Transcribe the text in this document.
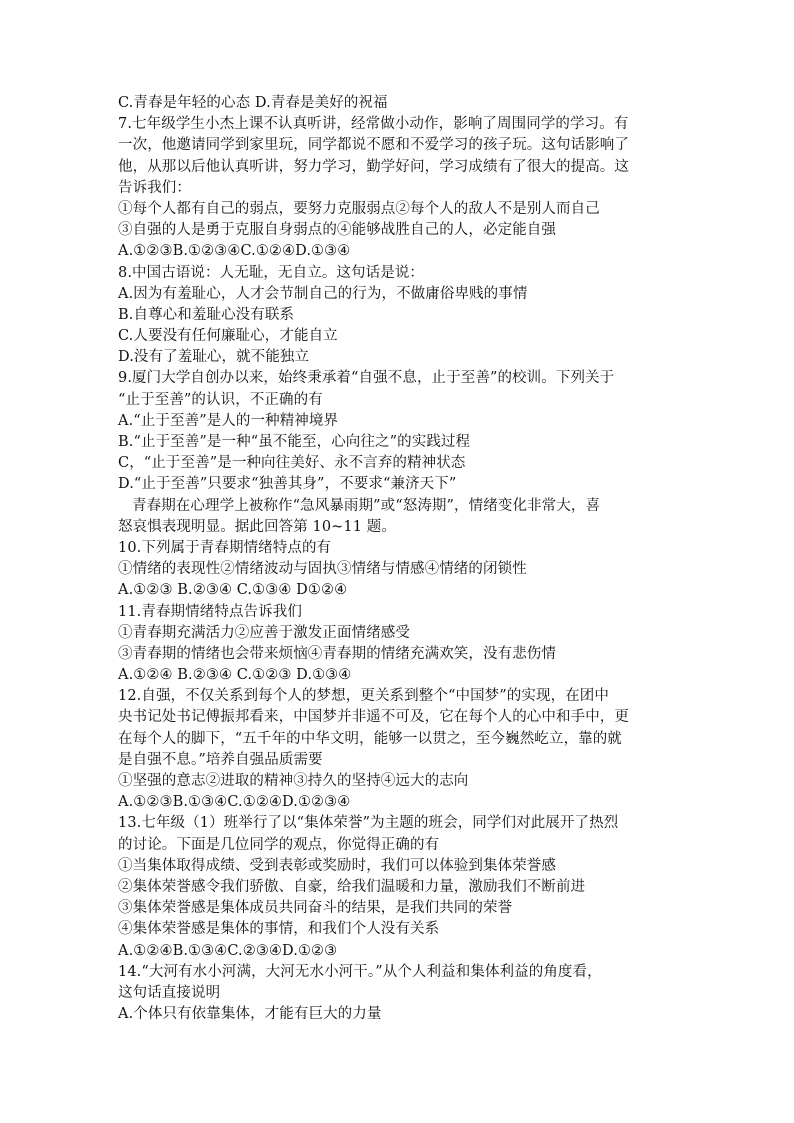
C.青春是年轻的心态 D.青春是美好的祝福
7.七年级学生小杰上课不认真听讲，经常做小动作，影响了周围同学的学习。有
一次，他邀请同学到家里玩，同学都说不愿和不爱学习的孩子玩。这句话影响了
他，从那以后他认真听讲，努力学习，勤学好问，学习成绩有了很大的提高。这
告诉我们：
①每个人都有自己的弱点，要努力克服弱点②每个人的敌人不是别人而自己
③自强的人是勇于克服自身弱点的④能够战胜自己的人，必定能自强
A.①②③B.①②③④C.①②④D.①③④
8.中国古语说：人无耻，无自立。这句话是说：
A.因为有羞耻心，人才会节制自己的行为，不做庸俗卑贱的事情
B.自尊心和羞耻心没有联系
C.人要没有任何廉耻心，才能自立
D.没有了羞耻心，就不能独立
9.厦门大学自创办以来，始终秉承着“自强不息，止于至善”的校训。下列关于
“止于至善”的认识，不正确的有
A.“止于至善”是人的一种精神境界
B.“止于至善”是一种“虽不能至，心向往之”的实践过程
C，“止于至善”是一种向往美好、永不言弃的精神状态
D.“止于至善”只要求“独善其身”，不要求“兼济天下”
青春期在心理学上被称作“急风暴雨期”或“怒涛期”，情绪变化非常大，喜
怒哀惧表现明显。据此回答第 10~11 题。
10.下列属于青春期情绪特点的有
①情绪的表现性②情绪波动与固执③情绪与情感④情绪的闭锁性
A.①②③ B.②③④ C.①③④ D①②④
11.青春期情绪特点告诉我们
①青春期充满活力②应善于激发正面情绪感受
③青春期的情绪也会带来烦恼④青春期的情绪充满欢笑，没有悲伤情
A.①②④ B.②③④ C.①②③ D.①③④
12.自强，不仅关系到每个人的梦想，更关系到整个“中国梦”的实现，在团中
央书记处书记傅振邦看来，中国梦并非遥不可及，它在每个人的心中和手中，更
在每个人的脚下，“五千年的中华文明，能够一以贯之，至今巍然屹立，靠的就
是自强不息。”培养自强品质需要
①坚强的意志②进取的精神③持久的坚持④远大的志向
A.①②③B.①③④C.①②④D.①②③④
13.七年级（1）班举行了以“集体荣誉”为主题的班会，同学们对此展开了热烈
的讨论。下面是几位同学的观点，你觉得正确的有
①当集体取得成绩、受到表彰或奖励时，我们可以体验到集体荣誉感
②集体荣誉感令我们骄傲、自豪，给我们温暖和力量，激励我们不断前进
③集体荣誉感是集体成员共同奋斗的结果，是我们共同的荣誉
④集体荣誉感是集体的事情，和我们个人没有关系
A.①②④B.①③④C.②③④D.①②③
14.“大河有水小河满，大河无水小河干。”从个人利益和集体利益的角度看，
这句话直接说明
A.个体只有依靠集体，才能有巨大的力量
